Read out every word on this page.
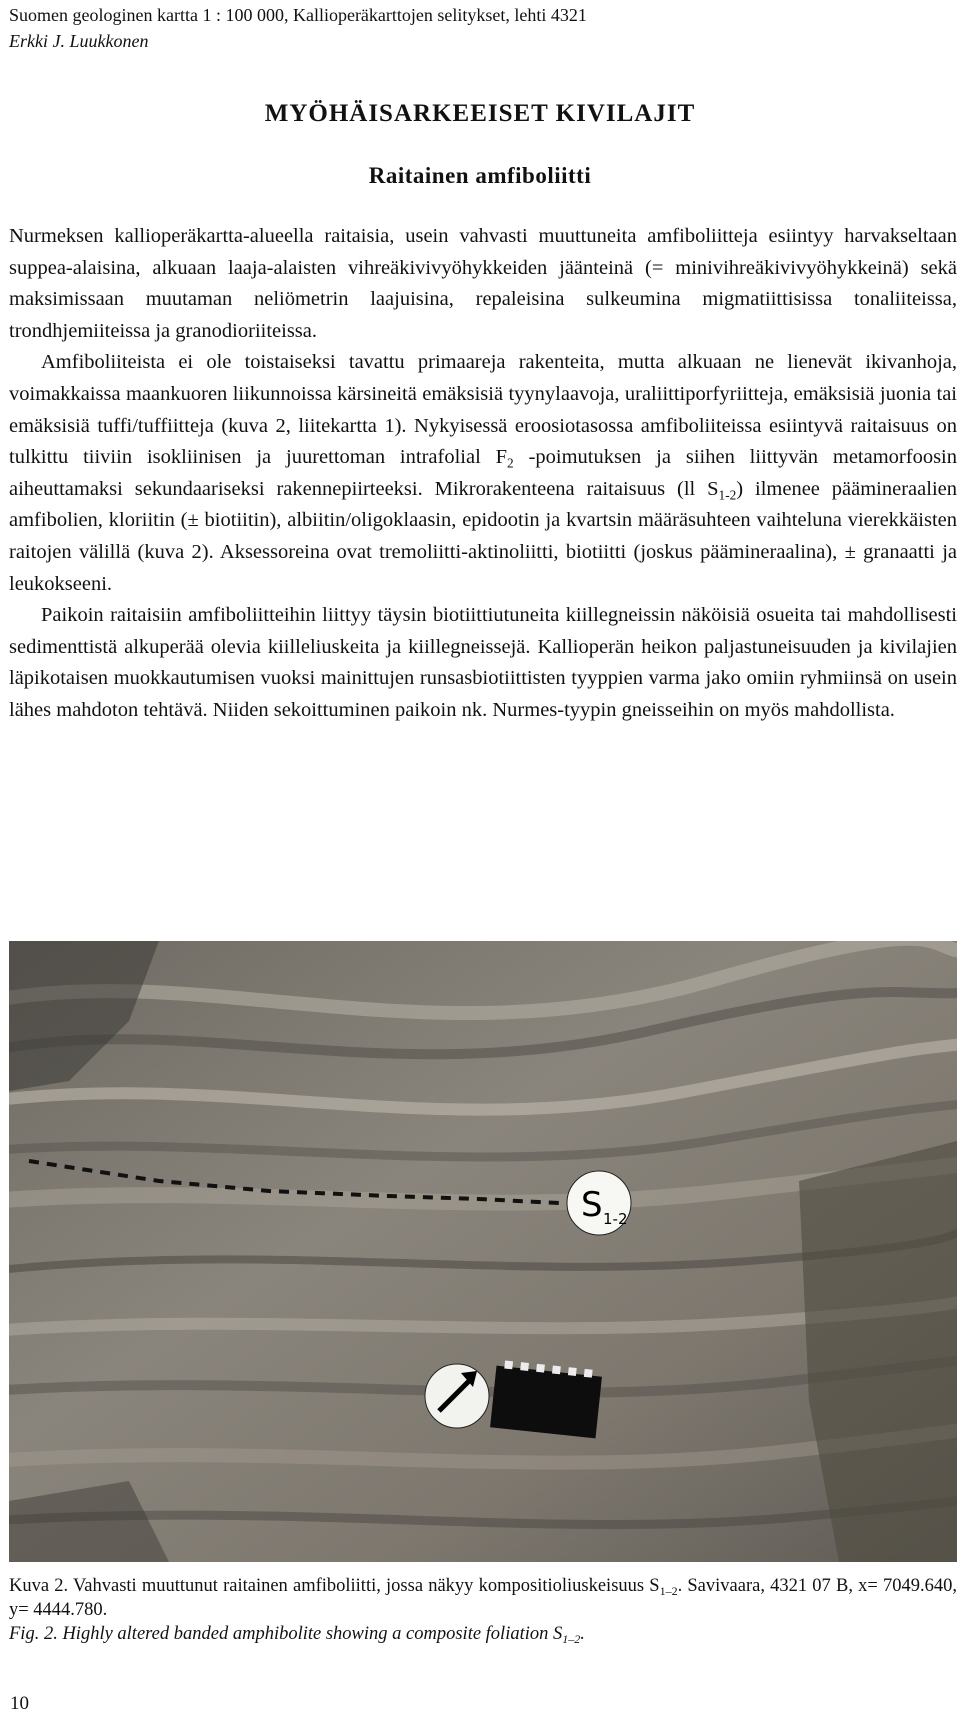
Suomen geologinen kartta 1 : 100 000, Kallioperäkarttojen selitykset, lehti 4321
Erkki J. Luukkonen
MYÖHÄISARKEEISET KIVILAJIT
Raitainen amfiboliitti

Nurmeksen kallioperäkartta-alueella raitaisia, usein vahvasti muuttuneita amfiboliitteja esiintyy harvakseltaan suppea-alaisina, alkuaan laaja-alaisten vihreäkivivyöhykkeiden jäänteinä (= minivihreäkivivyöhykkeinä) sekä maksimissaan muutaman neliömetrin laajuisina, repaleisina sulkeumina migmatiittisissa tonaliiteissa, trondhjemiiteissa ja granodioriiteissa.

Amfiboliiteista ei ole toistaiseksi tavattu primaareja rakenteita, mutta alkuaan ne lienevät ikivanhoja, voimakkaissa maankuoren liikunnoissa kärsineitä emäksisiä tyynylaavoja, uraliittiporfyriitteja, emäksisiä juonia tai emäksisiä tuffi/tuffiitteja (kuva 2, liitekartta 1). Nykyisessä eroosiotasossa amfiboliiteissa esiintyvä raitaisuus on tulkittu tiiviin isokliinisen ja juurettoman intrafolial $F_2$ -poimutuksen ja siihen liittyvän metamorfoosin aiheuttamaksi sekundaariseksi rakennepiirteeksi. Mikrorakenteena raitaisuus (ll $S_{1-2}$) ilmenee päämineraalien amfibolien, kloriitin (± biotiitin), albiitin/oligoklaasin, epidootin ja kvartsin määräsuhteen vaihteluna vierekkäisten raitojen välillä (kuva 2). Aksessoreina ovat tremoliitti-aktinoliitti, biotiitti (joskus päämineraalina), ± granaatti ja leukokseeni.

Paikoin raitaisiin amfiboliitteihin liittyy täysin biotiittiutuneita kiillegneissin näköisiä osueita tai mahdollisesti sedimenttistä alkuperää olevia kiilleliuskeita ja kiillegneissejä. Kallioperän heikon paljastuneisuuden ja kivilajien läpikotaisen muokkautumisen vuoksi mainittujen runsasbiotiittisten tyyppien varma jako omiin ryhmiinsä on usein lähes mahdoton tehtävä. Niiden sekoittuminen paikoin nk. Nurmes-tyypin gneisseihin on myös mahdollista.

S 1-2

Kuva 2. Vahvasti muuttunut raitainen amfiboliitti, jossa näkyy kompositioliuskeisuus $S_{1-2}$. Savivaara, 4321 07 B, x= 7049.640, y= 4444.780.

Fig. 2. Highly altered banded amphibolite showing a composite foliation $S_{1-2}$.

10
